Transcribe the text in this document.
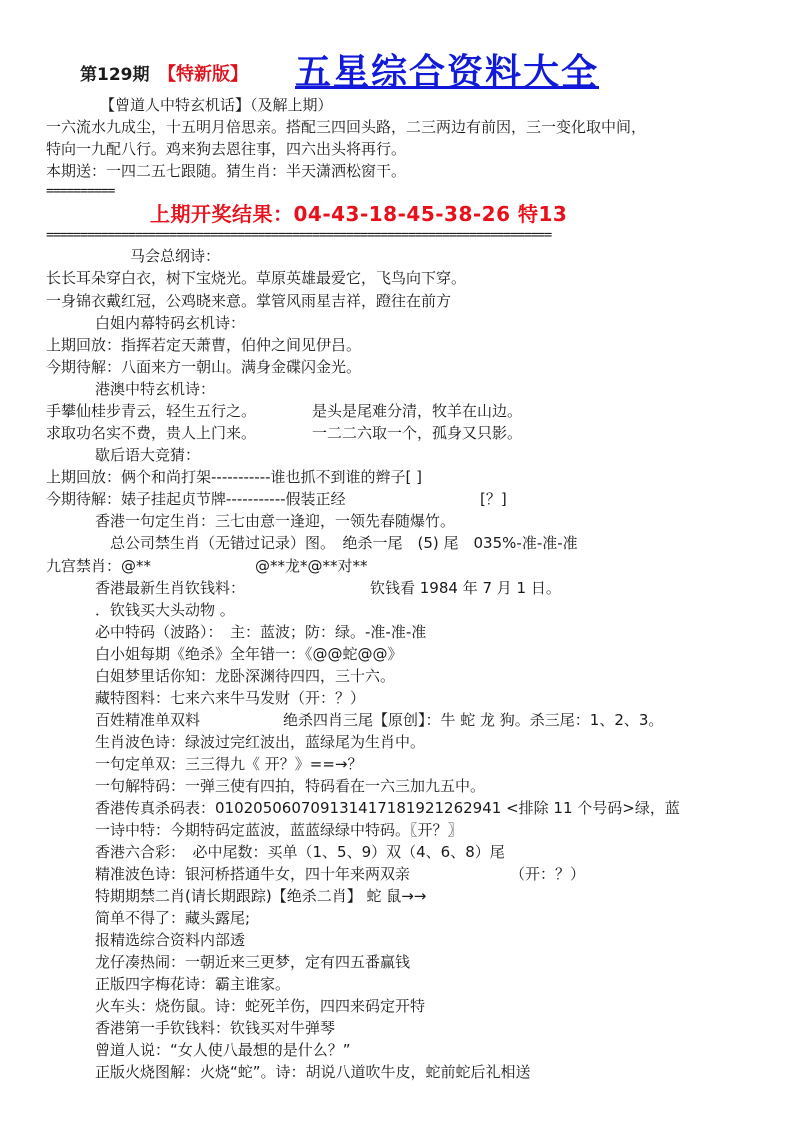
第129期 【特新版】 五星综合资料大全
【曾道人中特玄机话】（及解上期）
一六流水九成尘，十五明月倍思亲。搭配三四回头路，二三两边有前因，三一变化取中间，
特向一九配八行。鸡来狗去恩往事，四六出头将再行。
本期送：一四二五七跟随。猜生肖：半天潇洒松窗干。
==========
上期开奖结果：04-43-18-45-38-26 特13
==========================================================================
马会总纲诗：
长长耳朵穿白衣，树下宝烧光。草原英雄最爱它，飞鸟向下穿。
一身锦衣戴红冠，公鸡晓来意。掌管风雨星吉祥，蹬往在前方
白姐内幕特码玄机诗：
上期回放：指挥若定天萧曹，伯仲之间见伊吕。
今期待解：八面来方一朝山。满身金碟闪金光。
港澳中特玄机诗：
手攀仙桂步青云，轻生五行之。	是头是尾难分清，牧羊在山边。
求取功名实不费，贵人上门来。	一二二六取一个，孤身又只影。
歇后语大竞猜：
上期回放：俩个和尚打架-----------谁也抓不到谁的辫子[ ]
今期待解：婊子挂起贞节牌-----------假装正经	[？]
香港一句定生肖：三七由意一逢迎，一领先春随爆竹。
总公司禁生肖（无错过记录）图。　绝杀一尾　(5) 尾　035%-准-准-准
九宫禁肖：@**	@**龙*@**对**
香港最新生肖钦钱料：	钦钱看 1984 年 7 月 1 日。
．钦钱买大头动物 。
必中特码（波路）：　主：蓝波；防：绿。-准-准-准
白小姐每期《绝杀》全年错一：《@@蛇@@》
白姐梦里话你知：龙卧深渊待四四，三十六。
藏特图料：七来六来牛马发财（开：？）
百姓精准单双料	绝杀四肖三尾【原创】：牛 蛇 龙 狗。杀三尾：1、2、3。
生肖波色诗：绿波过完红波出，蓝绿尾为生肖中。
一句定单双：三三得九《 开？》==→？
一句解特码：一弹三使有四拍，特码看在一六三加九五中。
香港传真杀码表：01020506070913141718192126​2941 <排除 11 个号码>绿，蓝
一诗中特：今期特码定蓝波，蓝蓝绿绿中特码。〖开？〗
香港六合彩：　必中尾数：买单（1、5、9）双（4、6、8）尾
精准波色诗：银河桥搭通牛女，四十年来两双亲	（开：？）
特期期禁二肖(请长期跟踪)【绝杀二肖】 蛇 鼠→→
简单不得了：藏头露尾;
报精选综合资料内部透
龙仔凑热闹：一朝近来三更梦，定有四五番赢钱
正版四字梅花诗：霸主谁家。
火车头：烧伤鼠。诗：蛇死羊伤，四四来码定开特
香港第一手钦钱料：钦钱买对牛弹琴
曾道人说：“女人使八最想的是什么？”
正版火烧图解：火烧“蛇”。诗：胡说八道吹牛皮，蛇前蛇后礼相送
